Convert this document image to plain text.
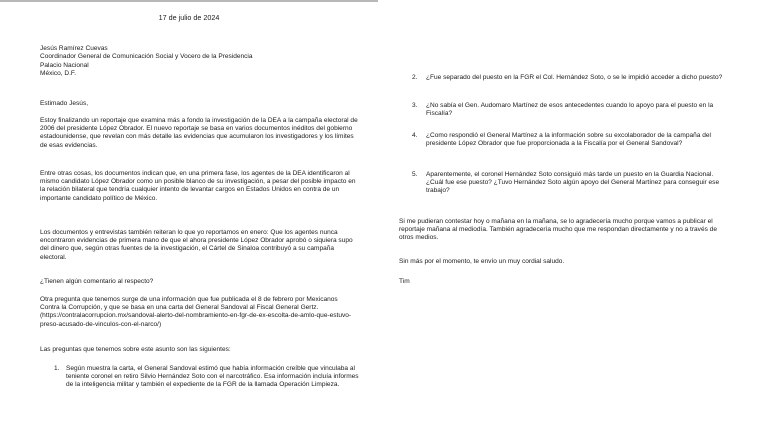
17 de julio de 2024

Jesús Ramírez Cuevas
Coordinador General de Comunicación Social y Vocero de la Presidencia
Palacio Nacional
México, D.F.

Estimado Jesús,

Estoy finalizando un reportaje que examina más a fondo la investigación de la DEA a la campaña electoral de 2006 del presidente López Obrador. El nuevo reportaje se basa en varios documentos inéditos del gobierno estadounidense, que revelan con más detalle las evidencias que acumularon los investigadores y los límites de esas evidencias.

Entre otras cosas, los documentos indican que, en una primera fase, los agentes de la DEA identificaron al mismo candidato López Obrador como un posible blanco de su investigación, a pesar del posible impacto en la relación bilateral que tendría cualquier intento de levantar cargos en Estados Unidos en contra de un importante candidato político de México.

Los documentos y entrevistas también reiteran lo que yo reportamos en enero: Que los agentes nunca encontraron evidencias de primera mano de que el ahora presidente López Obrador aprobó o siquiera supo del dinero que, según otras fuentes de la investigación, el Cártel de Sinaloa contribuyó a su campaña electoral.

¿Tienen algún comentario al respecto?

Otra pregunta que tenemos surge de una información que fue publicada el 8 de febrero por Mexicanos Contra la Corrupción, y que se basa en una carta del General Sandoval al Fiscal General Gertz. (https://contralacorrupcion.mx/sandoval-alerto-del-nombramiento-en-fgr-de-ex-escolta-de-amlo-que-estuvo-preso-acusado-de-vinculos-con-el-narco/)

Las preguntas que tenemos sobre este asunto son las siguientes:

1. Según muestra la carta, el General Sandoval estimó que había información creíble que vinculaba al teniente coronel en retiro Silvio Hernández Soto con el narcotráfico. Esa información incluía informes de la inteligencia militar y también el expediente de la FGR de la llamada Operación Limpieza.
2. ¿Fue separado del puesto en la FGR el Col. Hernández Soto, o se le impidió acceder a dicho puesto?
3. ¿No sabía el Gen. Audomaro Martínez de esos antecedentes cuando lo apoyo para el puesto en la Fiscalía?
4. ¿Como respondió el General Martínez a la información sobre su excolaborador de la campaña del presidente López Obrador que fue proporcionada a la Fiscalía por el General Sandoval?
5. Aparentemente, el coronel Hernández Soto consiguió más tarde un puesto en la Guardia Nacional. ¿Cuál fue ese puesto? ¿Tuvo Hernández Soto algún apoyo del General Martínez para conseguir ese trabajo?

Si me pudieran contestar hoy o mañana en la mañana, se lo agradecería mucho porque vamos a publicar el reportaje mañana al mediodía. También agradecería mucho que me respondan directamente y no a través de otros medios.

Sin más por el momento, te envío un muy cordial saludo.

Tim
